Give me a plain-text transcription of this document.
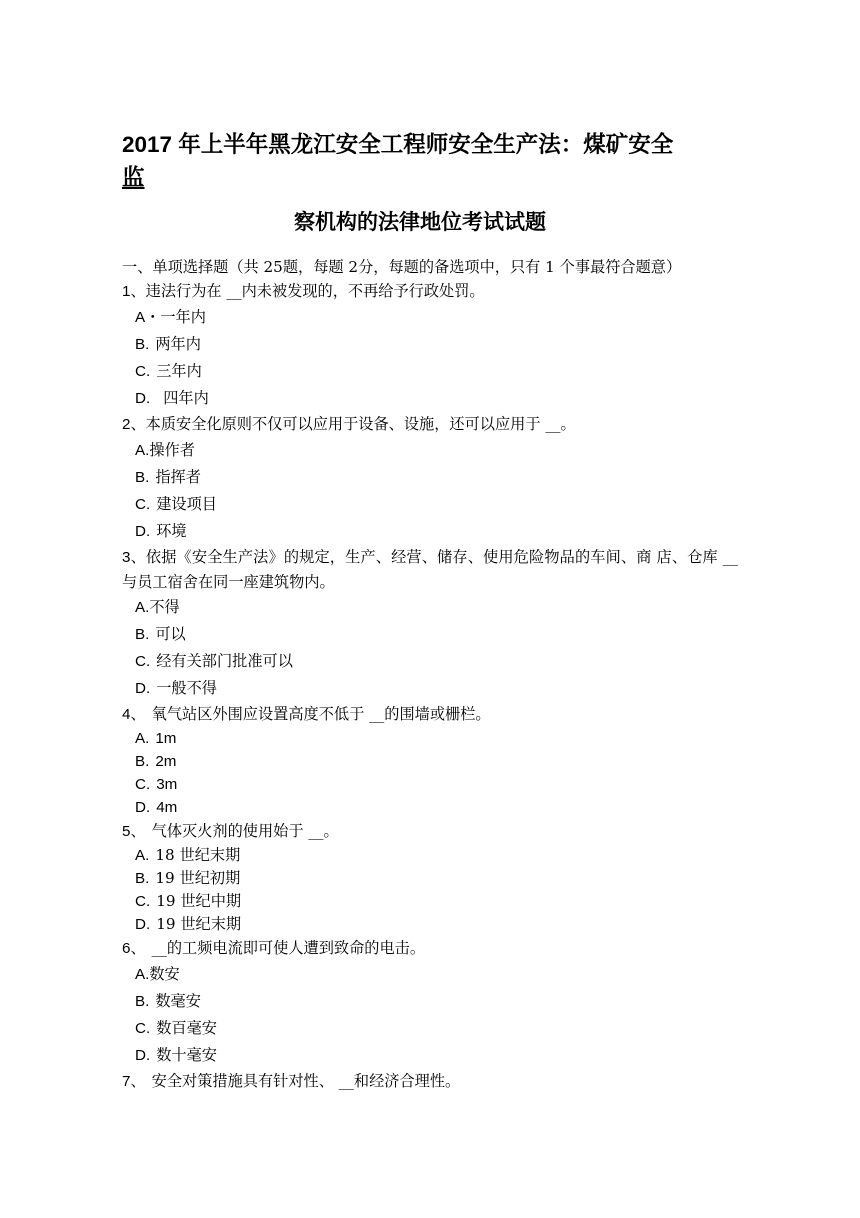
2017 年上半年黑龙江安全工程师安全生产法：煤矿安全
监
察机构的法律地位考试试题

一、单项选择题（共 25题，每题 2分，每题的备选项中，只有 1 个事最符合题意）

1、违法行为在 __内未被发现的，不再给予行政处罚。

A・一年内

B. 两年内

C. 三年内

D. 四年内

2、本质安全化原则不仅可以应用于设备、设施，还可以应用于 __。

A.操作者

B. 指挥者

C. 建设项目

D. 环境

3、依据《安全生产法》的规定，生产、经营、储存、使用危险物品的车间、商 店、仓库 __与员工宿舍在同一座建筑物内。

A.不得

B. 可以

C. 经有关部门批准可以

D. 一般不得

4、 氧气站区外围应设置高度不低于 __的围墙或栅栏。

A. 1m

B. 2m

C. 3m

D. 4m

5、 气体灭火剂的使用始于 __。

A. 18 世纪末期

B. 19 世纪初期

C. 19 世纪中期

D. 19 世纪末期

6、 __的工频电流即可使人遭到致命的电击。

A.数安

B. 数毫安

C. 数百毫安

D. 数十毫安

7、 安全对策措施具有针对性、 __和经济合理性。
